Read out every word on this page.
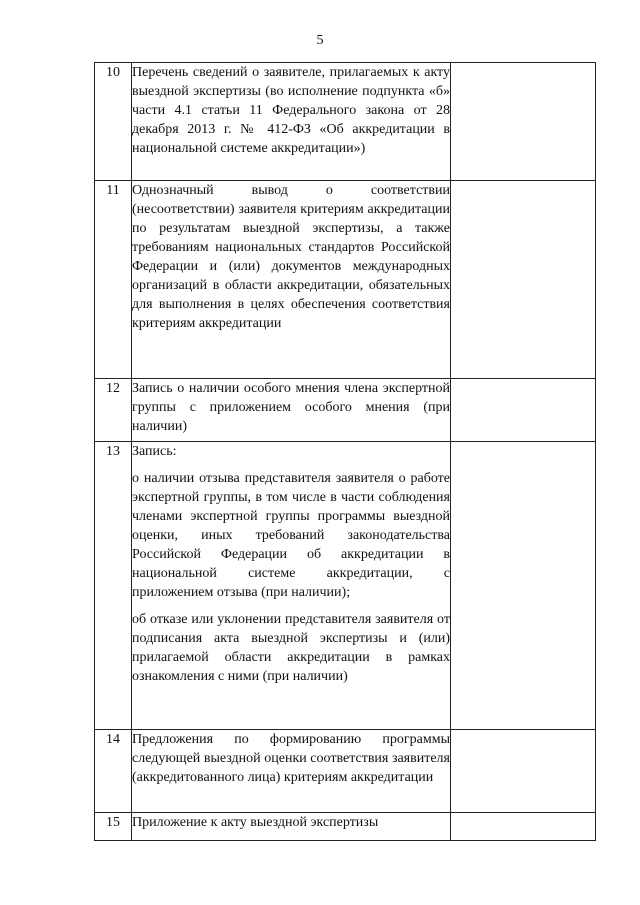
5
10	Перечень сведений о заявителе, прилагаемых к акту выездной экспертизы (во исполнение подпункта «б» части 4.1 статьи 11 Федерального закона от 28 декабря 2013 г. № 412-ФЗ «Об аккредитации в национальной системе аккредитации»)	

11	Однозначный вывод о соответствии (несоответствии) заявителя критериям аккредитации по результатам выездной экспертизы, а также требованиям национальных стандартов Российской Федерации и (или) документов международных организаций в области аккредитации, обязательных для выполнения в целях обеспечения соответствия критериям аккредитации	

12	Запись о наличии особого мнения члена экспертной группы с приложением особого мнения (при наличии)	

13	Запись:

о наличии отзыва представителя заявителя о работе экспертной группы, в том числе в части соблюдения членами экспертной группы программы выездной оценки, иных требований законодательства Российской Федерации об аккредитации в национальной системе аккредитации, с приложением отзыва (при наличии);

об отказе или уклонении представителя заявителя от подписания акта выездной экспертизы и (или) прилагаемой области аккредитации в рамках ознакомления с ними (при наличии)	

14	Предложения по формированию программы следующей выездной оценки соответствия заявителя (аккредитованного лица) критериям аккредитации	

15	Приложение к акту выездной экспертизы	
